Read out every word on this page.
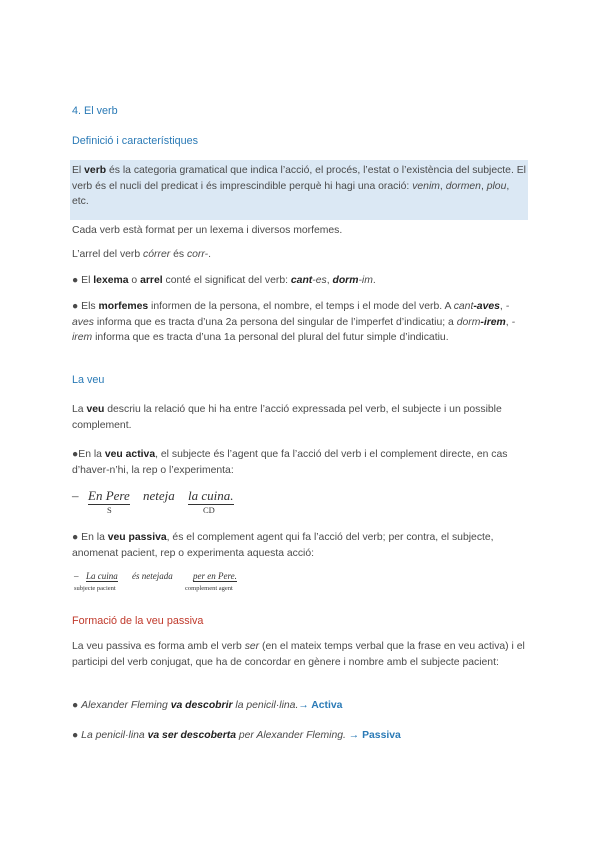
4. El verb
Definició i característiques

El verb és la categoria gramatical que indica l’acció, el procés, l’estat o l’existència del subjecte. El verb és el nucli del predicat i és imprescindible perquè hi hagi una oració: venim, dormen, plou, etc.

Cada verb està format per un lexema i diversos morfemes.

L’arrel del verb córrer és corr-.

● El lexema o arrel conté el significat del verb: cant-es, dorm-im.

● Els morfemes informen de la persona, el nombre, el temps i el mode del verb. A cant-aves, -aves informa que es tracta d’una 2a persona del singular de l’imperfet d’indicatiu; a dorm-irem, -irem informa que es tracta d’una 1a personal del plural del futur simple d’indicatiu.

La veu

La veu descriu la relació que hi ha entre l’acció expressada pel verb, el subjecte i un possible complement.

●En la veu activa, el subjecte és l’agent que fa l’acció del verb i el complement directe, en cas d’haver-n’hi, la rep o l’experimenta:

– En Pere neteja la cuina.
S	CD

● En la veu passiva, és el complement agent qui fa l’acció del verb; per contra, el subjecte, anomenat pacient, rep o experimenta aquesta acció:

– La cuina és netejada per en Pere.
subjecte pacient	complement agent
Formació de la veu passiva

La veu passiva es forma amb el verb ser (en el mateix temps verbal que la frase en veu activa) i el participi del verb conjugat, que ha de concordar en gènere i nombre amb el subjecte pacient:

● Alexander Fleming va descobrir la penicil·lina.→ Activa

● La penicil·lina va ser descoberta per Alexander Fleming. → Passiva
